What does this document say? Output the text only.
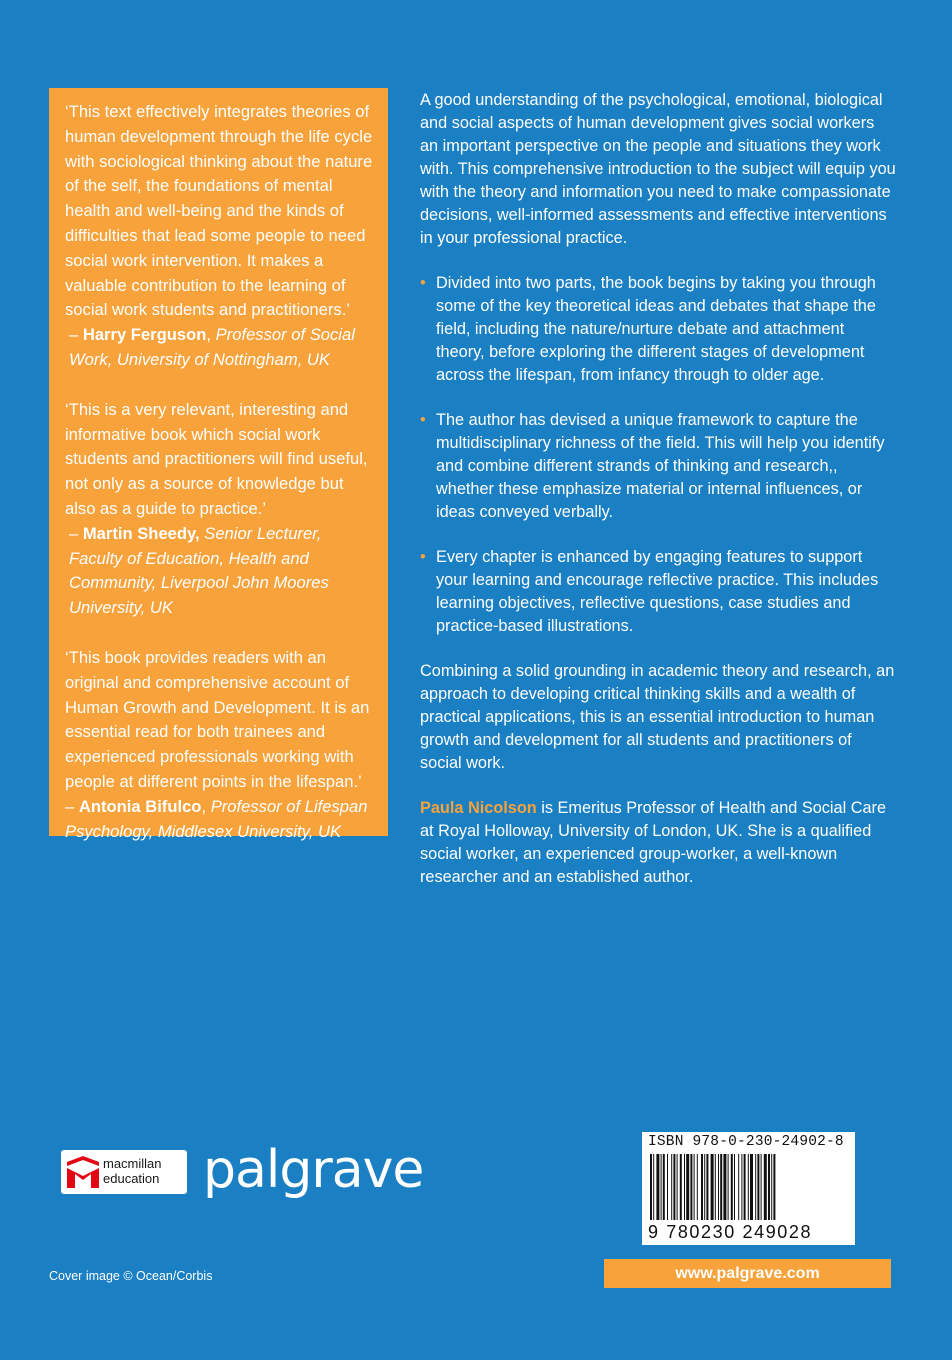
‘This text effectively integrates theories of human development through the life cycle with sociological thinking about the nature of the self, the foundations of mental health and well-being and the kinds of difficulties that lead some people to need social work intervention. It makes a valuable contribution to the learning of social work students and practitioners.’

– Harry Ferguson, Professor of Social Work, University of Nottingham, UK
‘This is a very relevant, interesting and informative book which social work students and practitioners will find useful, not only as a source of knowledge but also as a guide to practice.’

– Martin Sheedy, Senior Lecturer, Faculty of Education, Health and Community, Liverpool John Moores University, UK
‘This book provides readers with an original and comprehensive account of Human Growth and Development. It is an essential read for both trainees and experienced professionals working with people at different points in the lifespan.’

– Antonia Bifulco, Professor of Lifespan Psychology, Middlesex University, UK

A good understanding of the psychological, emotional, biological and social aspects of human development gives social workers an important perspective on the people and situations they work with. This comprehensive introduction to the subject will equip you with the theory and information you need to make compassionate decisions, well-informed assessments and effective interventions in your professional practice.

• Divided into two parts, the book begins by taking you through some of the key theoretical ideas and debates that shape the field, including the nature/nurture debate and attachment theory, before exploring the different stages of development across the lifespan, from infancy through to older age.
• The author has devised a unique framework to capture the multidisciplinary richness of the field. This will help you identify and combine different strands of thinking and research,, whether these emphasize material or internal influences, or ideas conveyed verbally.
• Every chapter is enhanced by engaging features to support your learning and encourage reflective practice. This includes learning objectives, reflective questions, case studies and practice-based illustrations.

Combining a solid grounding in academic theory and research, an approach to developing critical thinking skills and a wealth of practical applications, this is an essential introduction to human growth and development for all students and practitioners of social work.

Paula Nicolson is Emeritus Professor of Health and Social Care at Royal Holloway, University of London, UK. She is a qualified social worker, an experienced group-worker, a well-known researcher and an established author.

macmillan
education palgrave	ISBN 978-0-230-24902-8
9 780230 249028
Cover image © Ocean/Corbis	www.palgrave.com
